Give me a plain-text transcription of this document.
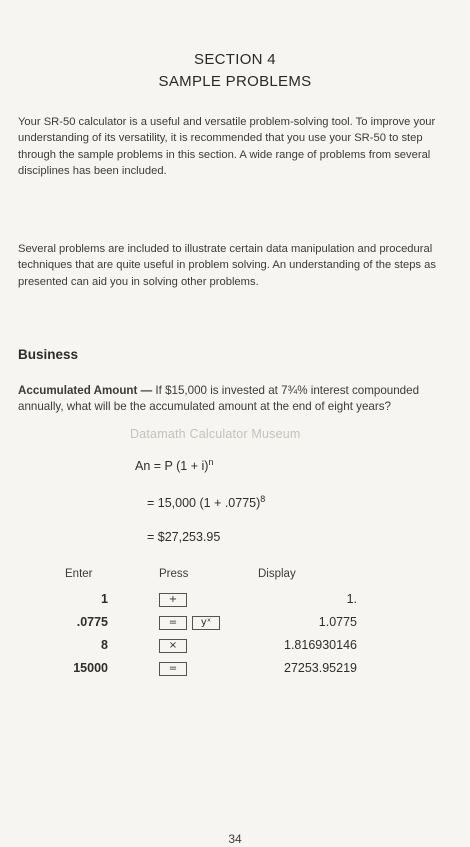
SECTION 4
SAMPLE PROBLEMS
Your SR-50 calculator is a useful and versatile problem-solving tool. To improve your understanding of its versatility, it is recommended that you use your SR-50 to step through the sample problems in this section. A wide range of problems from several disciplines has been included.
Several problems are included to illustrate certain data manipulation and procedural techniques that are quite useful in problem solving. An understanding of the steps as presented can aid you in solving other problems.
Business
Accumulated Amount — If $15,000 is invested at 7¾% interest compounded annually, what will be the accumulated amount at the end of eight years?
Datamath Calculator Museum
An = P $(1 + i)^n$
= 15,000 $(1 + .0775)^8$
= $27,253.95
Enter	Press	Display
1	+	1.
.0775	=	yˣ	1.0775
8	×	1.816930146
15000	=	27253.95219
34
